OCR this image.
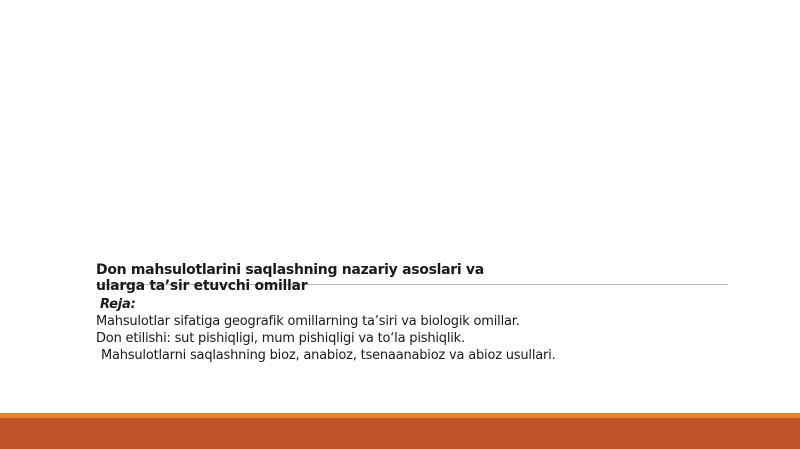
Don mahsulotlarini saqlashning nazariy asoslari va
ularga ta’sir etuvchi omillar
Reja:
Mahsulotlar sifatiga geografik omillarning ta’siri va biologik omillar.
Don etilishi: sut pishiqligi, mum pishiqligi va to‘la pishiqlik.
Mahsulotlarni saqlashning bioz, anabioz, tsenaanabioz va abioz usullari.
